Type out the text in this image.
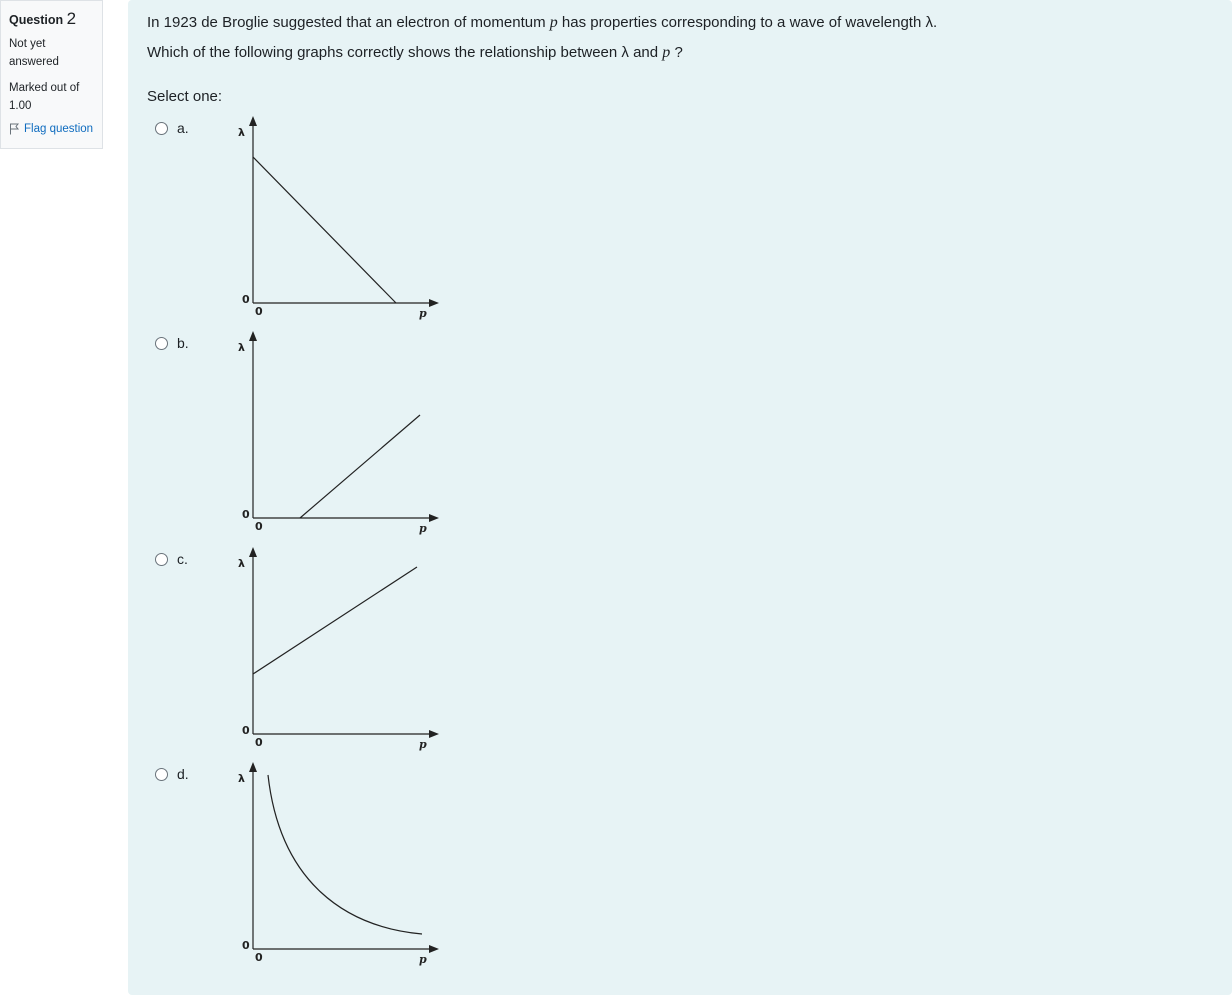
Question 2
Not yet answered
Marked out of 1.00
Flag question
In 1923 de Broglie suggested that an electron of momentum p has properties corresponding to a wave of wavelength λ.
Which of the following graphs correctly shows the relationship between λ and p ?
Select one:
a.	λ
p
0
0
b.	λ
p
0
0
c.	λ
p
0
0
d.	λ
p
0
0
